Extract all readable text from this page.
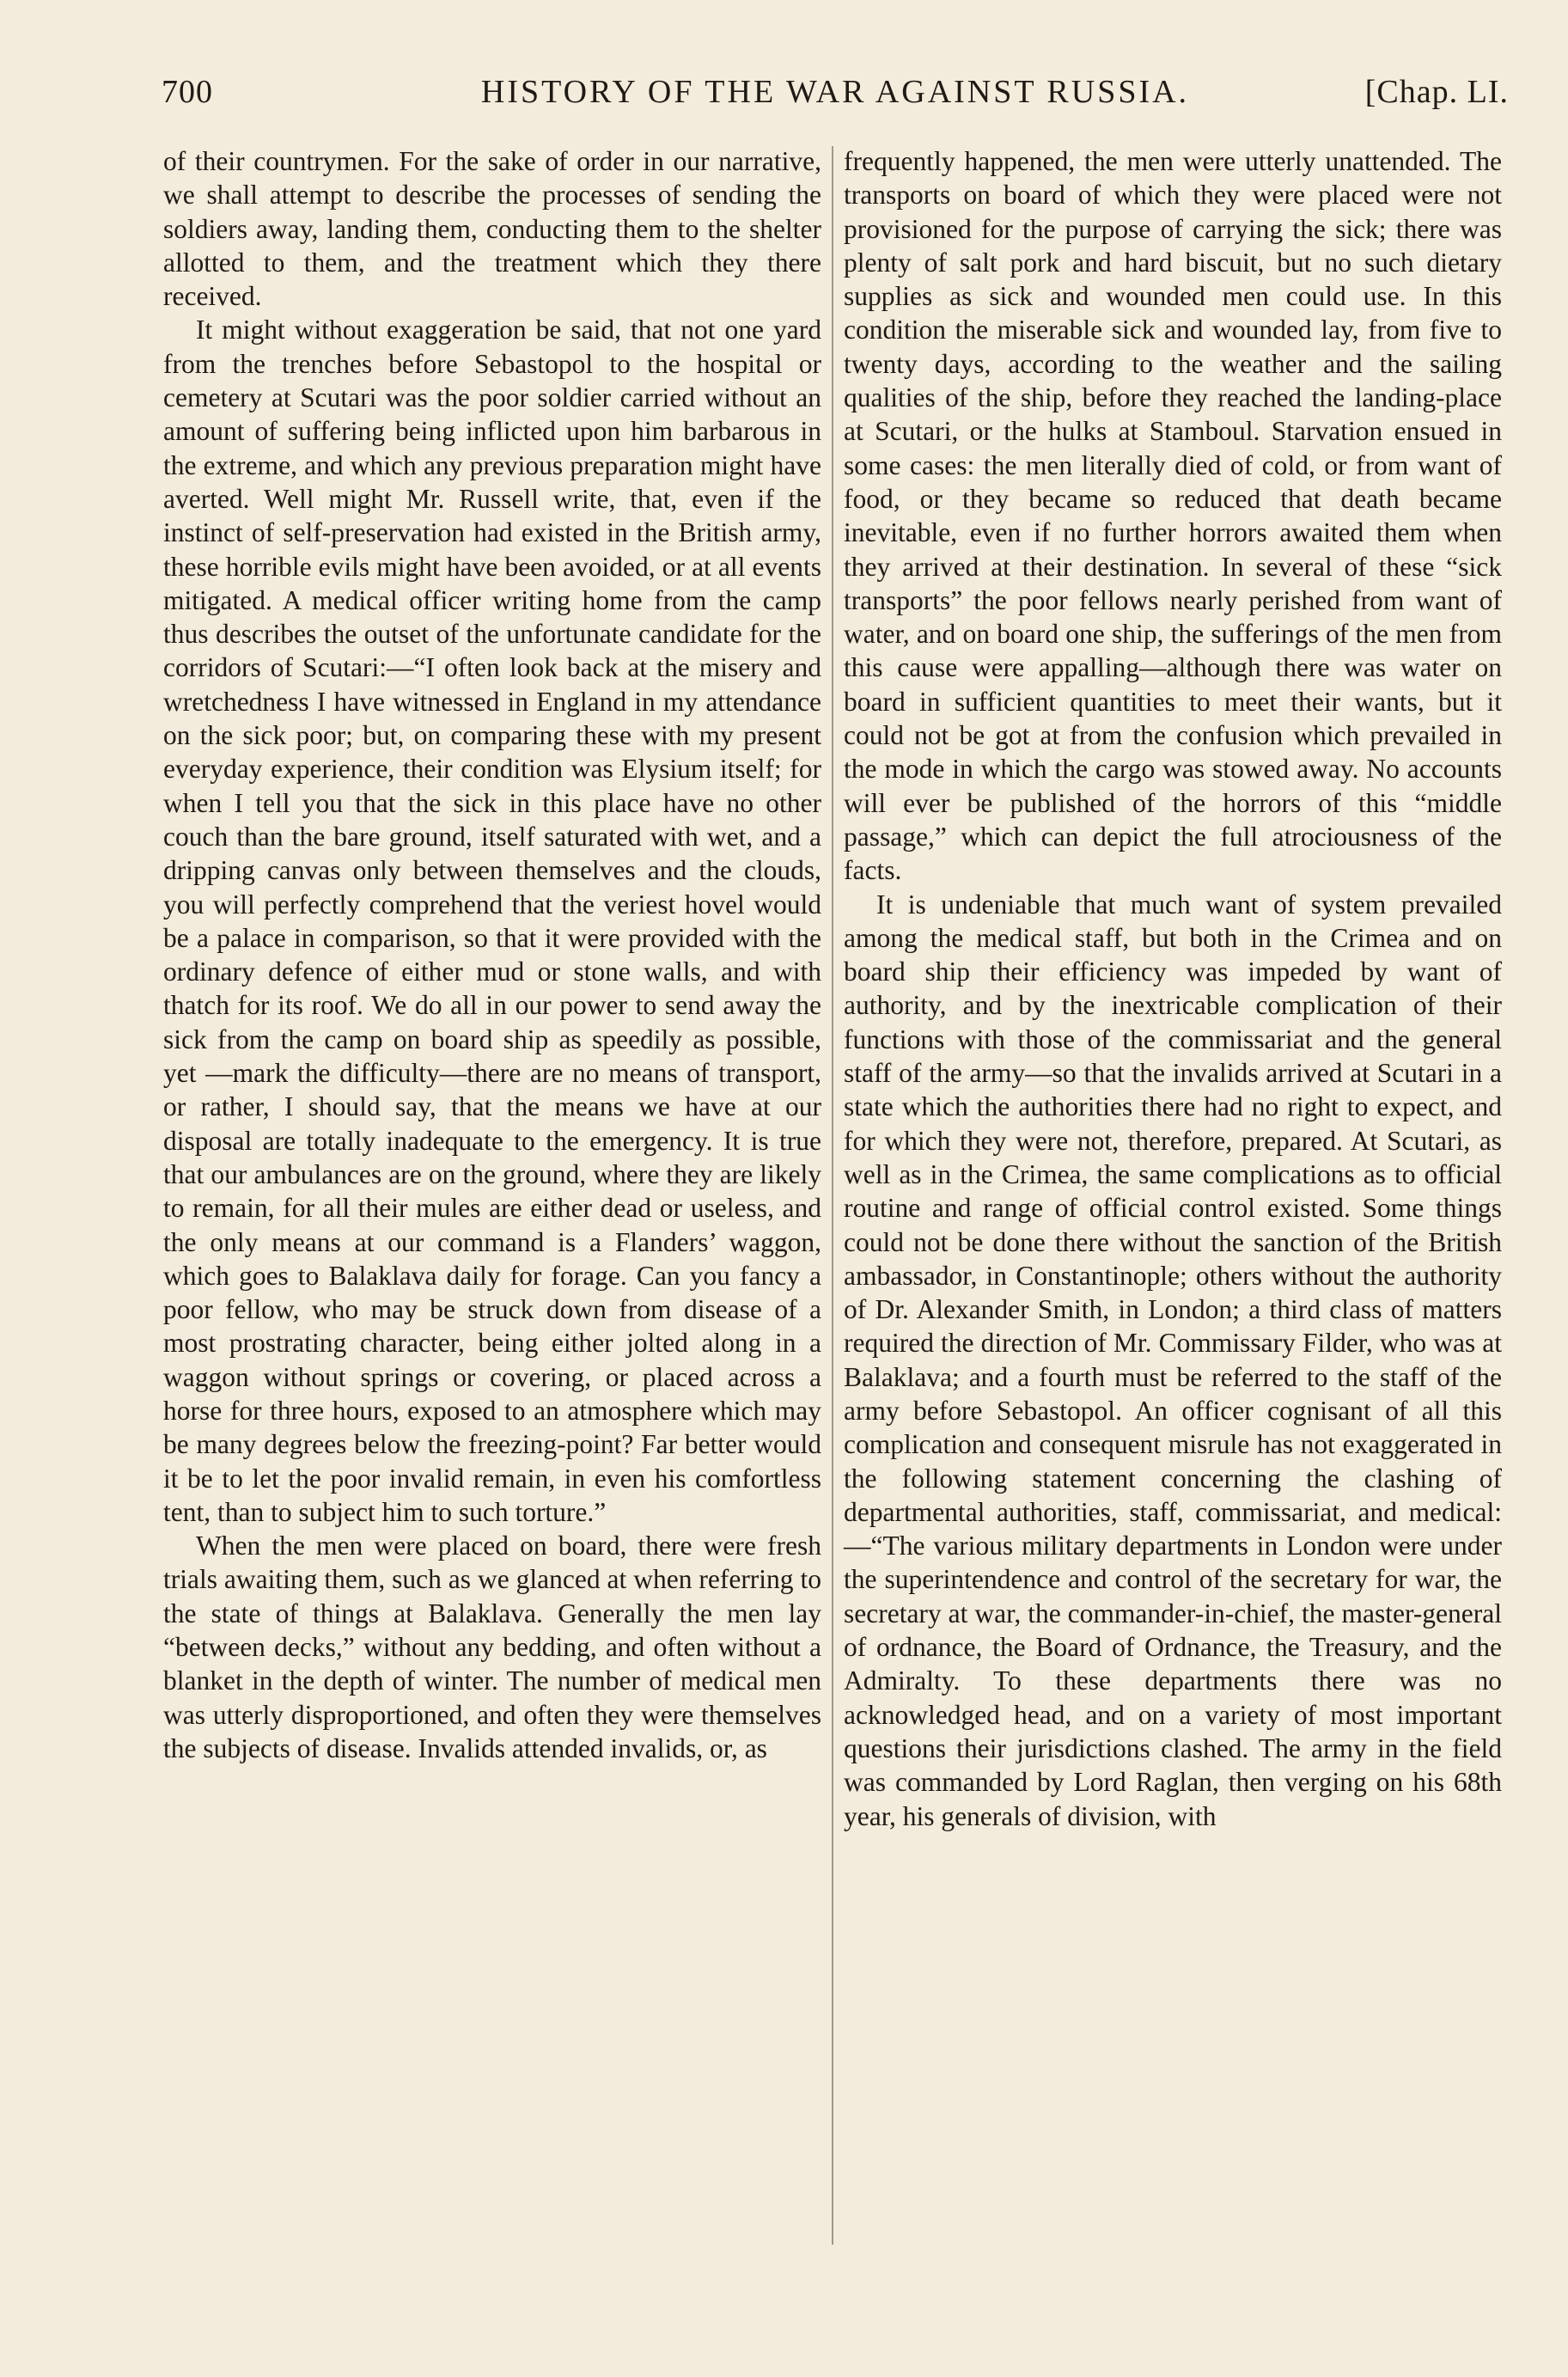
700	HISTORY OF THE WAR AGAINST RUSSIA.	[Chap. LI.

of their countrymen. For the sake of order in our narrative, we shall attempt to describe the processes of sending the soldiers away, landing them, conducting them to the shelter allotted to them, and the treatment which they there received.

It might without exaggeration be said, that not one yard from the trenches before Sebastopol to the hospital or cemetery at Scutari was the poor soldier carried without an amount of suffering being inflicted upon him barbarous in the extreme, and which any previous preparation might have averted. Well might Mr. Russell write, that, even if the instinct of self-preservation had existed in the British army, these horrible evils might have been avoided, or at all events mitigated. A medical officer writing home from the camp thus describes the outset of the unfortunate candidate for the corridors of Scutari:—“I often look back at the misery and wretchedness I have witnessed in England in my attendance on the sick poor; but, on comparing these with my present everyday experience, their condition was Elysium itself; for when I tell you that the sick in this place have no other couch than the bare ground, itself saturated with wet, and a dripping canvas only between themselves and the clouds, you will perfectly comprehend that the veriest hovel would be a palace in comparison, so that it were provided with the ordinary defence of either mud or stone walls, and with thatch for its roof. We do all in our power to send away the sick from the camp on board ship as speedily as possible, yet —mark the difficulty—there are no means of transport, or rather, I should say, that the means we have at our disposal are totally inadequate to the emergency. It is true that our ambulances are on the ground, where they are likely to remain, for all their mules are either dead or useless, and the only means at our command is a Flanders’ waggon, which goes to Balaklava daily for forage. Can you fancy a poor fellow, who may be struck down from disease of a most prostrating character, being either jolted along in a waggon without springs or covering, or placed across a horse for three hours, exposed to an atmosphere which may be many degrees below the freezing-point? Far better would it be to let the poor invalid remain, in even his comfortless tent, than to subject him to such torture.”

When the men were placed on board, there were fresh trials awaiting them, such as we glanced at when referring to the state of things at Balaklava. Generally the men lay “between decks,” without any bedding, and often without a blanket in the depth of winter. The number of medical men was utterly disproportioned, and often they were themselves the subjects of disease. Invalids attended invalids, or, as

frequently happened, the men were utterly unattended. The transports on board of which they were placed were not provisioned for the purpose of carrying the sick; there was plenty of salt pork and hard biscuit, but no such dietary supplies as sick and wounded men could use. In this condition the miserable sick and wounded lay, from five to twenty days, according to the weather and the sailing qualities of the ship, before they reached the landing-place at Scutari, or the hulks at Stamboul. Starvation ensued in some cases: the men literally died of cold, or from want of food, or they became so reduced that death became inevitable, even if no further horrors awaited them when they arrived at their destination. In several of these “sick transports” the poor fellows nearly perished from want of water, and on board one ship, the sufferings of the men from this cause were appalling—although there was water on board in sufficient quantities to meet their wants, but it could not be got at from the confusion which prevailed in the mode in which the cargo was stowed away. No accounts will ever be published of the horrors of this “middle passage,” which can depict the full atrociousness of the facts.

It is undeniable that much want of system prevailed among the medical staff, but both in the Crimea and on board ship their efficiency was impeded by want of authority, and by the inextricable complication of their functions with those of the commissariat and the general staff of the army—so that the invalids arrived at Scutari in a state which the authorities there had no right to expect, and for which they were not, therefore, prepared. At Scutari, as well as in the Crimea, the same complications as to official routine and range of official control existed. Some things could not be done there without the sanction of the British ambassador, in Constantinople; others without the authority of Dr. Alexander Smith, in London; a third class of matters required the direction of Mr. Commissary Filder, who was at Balaklava; and a fourth must be referred to the staff of the army before Sebastopol. An officer cognisant of all this complication and consequent misrule has not exaggerated in the following statement concerning the clashing of departmental authorities, staff, commissariat, and medical:—“The various military departments in London were under the superintendence and control of the secretary for war, the secretary at war, the commander-in-chief, the master-general of ordnance, the Board of Ordnance, the Treasury, and the Admiralty. To these departments there was no acknowledged head, and on a variety of most important questions their jurisdictions clashed. The army in the field was commanded by Lord Raglan, then verging on his 68th year, his generals of division, with
